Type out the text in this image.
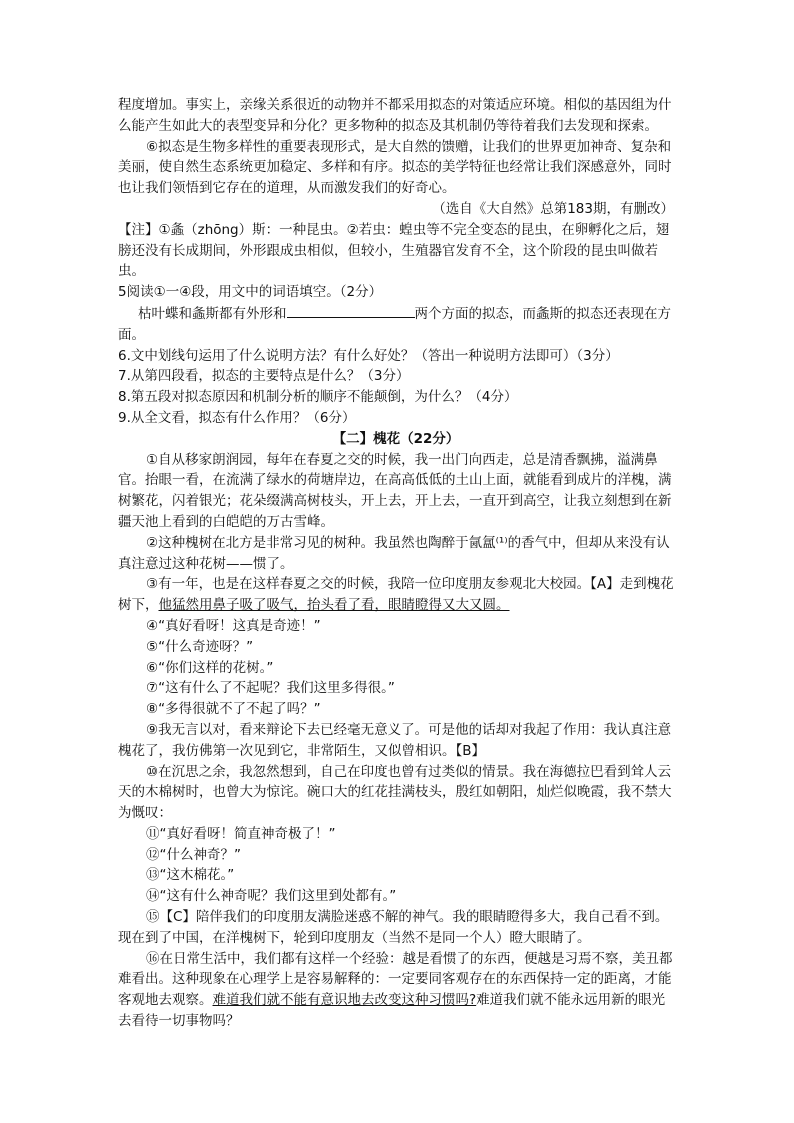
程度增加。事实上，亲缘关系很近的动物并不都采用拟态的对策适应环境。相似的基因组为什么能产生如此大的表型变异和分化？更多物种的拟态及其机制仍等待着我们去发现和探索。

⑥拟态是生物多样性的重要表现形式，是大自然的馈赠，让我们的世界更加神奇、复杂和美丽，使自然生态系统更加稳定、多样和有序。拟态的美学特征也经常让我们深感意外，同时也让我们领悟到它存在的道理，从而激发我们的好奇心。

（选自《大自然》总第183期，有删改）

【注】①螽（zhōng）斯：一种昆虫。②若虫：蝗虫等不完全变态的昆虫，在卵孵化之后，翅膀还没有长成期间，外形跟成虫相似，但较小，生殖器官发育不全，这个阶段的昆虫叫做若虫。

5阅读①一④段，用文中的词语填空。（2分）

枯叶蝶和螽斯都有外形和	两个方面的拟态，而螽斯的拟态还表现在方面。

6.文中划线句运用了什么说明方法？有什么好处？（答出一种说明方法即可）（3分）

7.从第四段看，拟态的主要特点是什么？（3分）

8.第五段对拟态原因和机制分析的顺序不能颠倒，为什么？（4分）

9.从全文看，拟态有什么作用？（6分）

【二】槐花（22分）

①自从移家朗润园，每年在春夏之交的时候，我一出门向西走，总是清香飘拂，溢满鼻官。抬眼一看，在流满了绿水的荷塘岸边，在高高低低的土山上面，就能看到成片的洋槐，满树繁花，闪着银光；花朵缀满高树枝头，开上去，开上去，一直开到高空，让我立刻想到在新疆天池上看到的白皑皑的万古雪峰。

②这种槐树在北方是非常习见的树种。我虽然也陶醉于氤氲⁽¹⁾的香气中，但却从来没有认真注意过这种花树——惯了。

③有一年，也是在这样春夏之交的时候，我陪一位印度朋友参观北大校园。【A】走到槐花树下，他猛然用鼻子吸了吸气，抬头看了看，眼睛瞪得又大又圆。

④“真好看呀！这真是奇迹！”

⑤“什么奇迹呀？”

⑥“你们这样的花树。”

⑦“这有什么了不起呢？我们这里多得很。”

⑧“多得很就不了不起了吗？”

⑨我无言以对，看来辩论下去已经毫无意义了。可是他的话却对我起了作用：我认真注意槐花了，我仿佛第一次见到它，非常陌生，又似曾相识。【B】

⑩在沉思之余，我忽然想到，自己在印度也曾有过类似的情景。我在海德拉巴看到耸人云天的木棉树时，也曾大为惊诧。碗口大的红花挂满枝头，殷红如朝阳，灿烂似晚霞，我不禁大为慨叹：

⑪“真好看呀！简直神奇极了！”

⑫“什么神奇？”

⑬“这木棉花。”

⑭“这有什么神奇呢？我们这里到处都有。”

⑮【C】陪伴我们的印度朋友满脸迷惑不解的神气。我的眼睛瞪得多大，我自己看不到。现在到了中国，在洋槐树下，轮到印度朋友（当然不是同一个人）瞪大眼睛了。

⑯在日常生活中，我们都有这样一个经验：越是看惯了的东西，便越是习焉不察，美丑都难看出。这种现象在心理学上是容易解释的：一定要同客观存在的东西保持一定的距离，才能客观地去观察。难道我们就不能有意识地去改变这种习惯吗?难道我们就不能永远用新的眼光去看待一切事物吗？
